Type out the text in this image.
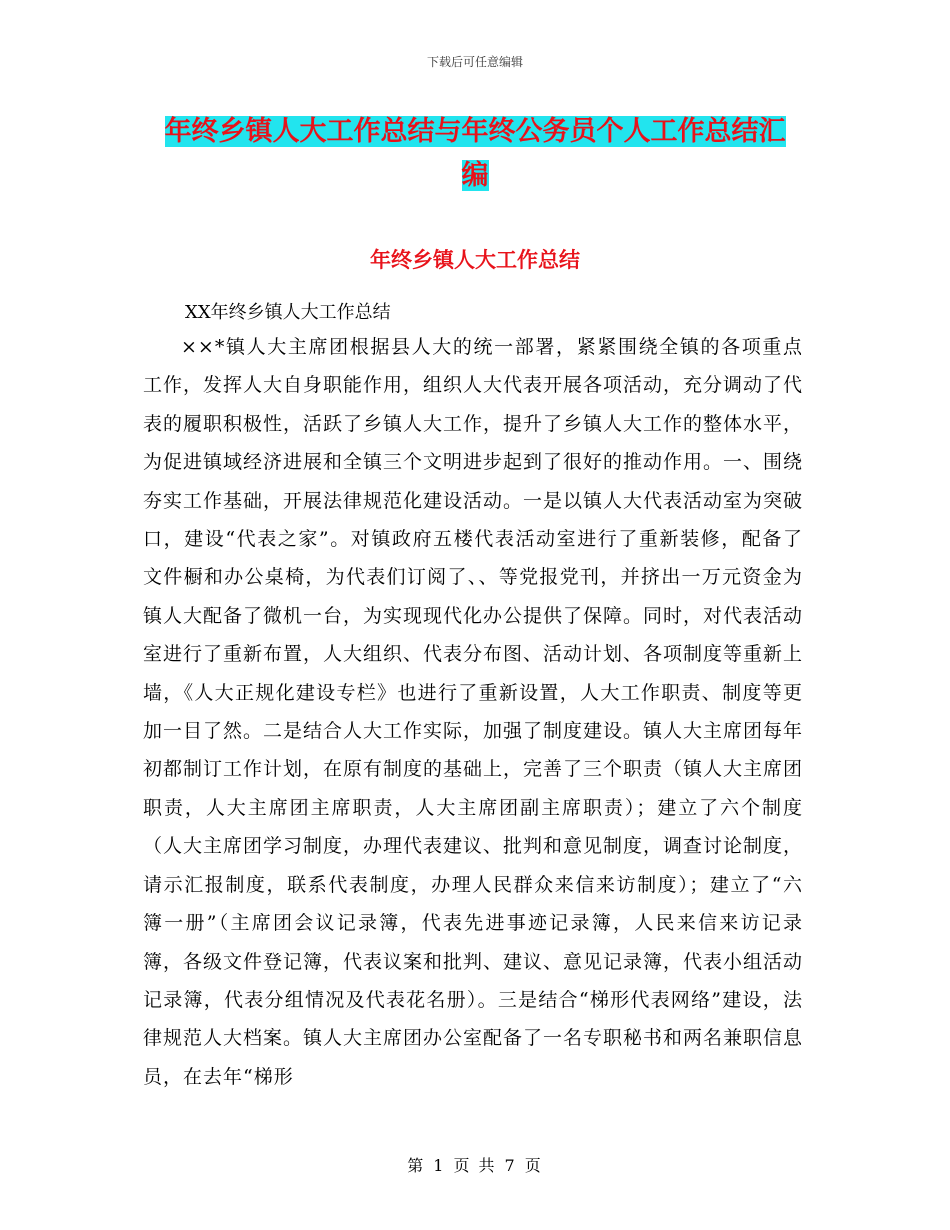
下载后可任意编辑
年终乡镇人大工作总结与年终公务员个人工作总结汇
编
年终乡镇人大工作总结
XX年终乡镇人大工作总结
××*镇人大主席团根据县人大的统一部署，紧紧围绕全镇的各项重点工作，发挥人大自身职能作用，组织人大代表开展各项活动，充分调动了代表的履职积极性，活跃了乡镇人大工作，提升了乡镇人大工作的整体水平，为促进镇域经济进展和全镇三个文明进步起到了很好的推动作用。一、围绕夯实工作基础，开展法律规范化建设活动。一是以镇人大代表活动室为突破口，建设“代表之家”。对镇政府五楼代表活动室进行了重新装修，配备了文件橱和办公桌椅，为代表们订阅了、、等党报党刊，并挤出一万元资金为镇人大配备了微机一台，为实现现代化办公提供了保障。同时，对代表活动室进行了重新布置，人大组织、代表分布图、活动计划、各项制度等重新上墙，《人大正规化建设专栏》也进行了重新设置，人大工作职责、制度等更加一目了然。二是结合人大工作实际，加强了制度建设。镇人大主席团每年初都制订工作计划，在原有制度的基础上，完善了三个职责（镇人大主席团职责，人大主席团主席职责，人大主席团副主席职责）；建立了六个制度（人大主席团学习制度，办理代表建议、批判和意见制度，调查讨论制度，请示汇报制度，联系代表制度，办理人民群众来信来访制度）；建立了“六簿一册”（主席团会议记录簿，代表先进事迹记录簿，人民来信来访记录簿，各级文件登记簿，代表议案和批判、建议、意见记录簿，代表小组活动记录簿，代表分组情况及代表花名册）。三是结合“梯形代表网络”建设，法律规范人大档案。镇人大主席团办公室配备了一名专职秘书和两名兼职信息员，在去年“梯形
第 1 页 共 7 页
